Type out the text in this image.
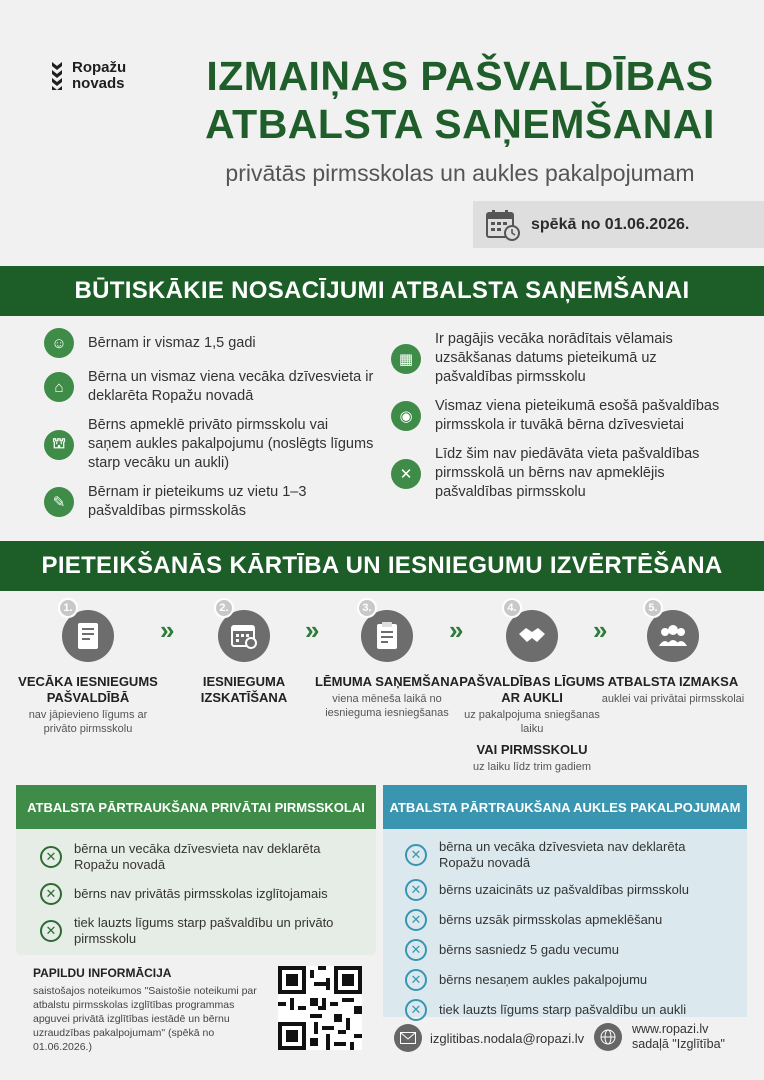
Ropažu
novads	IZMAIŅAS PAŠVALDĪBAS
ATBALSTA SAŅEMŠANAI
privātās pirmsskolas un aukles pakalpojumam
spēkā no 01.06.2026.
BŪTISKĀKIE NOSACĪJUMI ATBALSTA SAŅEMŠANAI
☺	Bērnam ir vismaz 1,5 gadi
⌂
Bērna un vismaz viena vecāka dzīvesvieta ir deklarēta Ropažu novadā
⛫
Bērns apmeklē privāto pirmsskolu vai saņem aukles pakalpojumu (noslēgts līgums starp vecāku un aukli)
✎
Bērnam ir pieteikums uz vietu 1–3 pašvaldības pirmsskolās
▦
Ir pagājis vecāka norādītais vēlamais uzsākšanas datums pieteikumā uz pašvaldības pirmsskolu
◉
Vismaz viena pieteikumā esošā pašvaldības pirmsskola ir tuvākā bērna dzīvesvietai
✕
Līdz šim nav piedāvāta vieta pašvaldības pirmsskolā un bērns nav apmeklējis pašvaldības pirmsskolu
PIETEIKŠANĀS KĀRTĪBA UN IESNIEGUMU IZVĒRTĒŠANA
1.
VECĀKA IESNIEGUMS PAŠVALDĪBĀ
nav jāpievieno līgums ar privāto pirmsskolu
»
2.
IESNIEGUMA IZSKATĪŠANA
»
3.
LĒMUMA SAŅEMŠANA
viena mēneša laikā no iesnieguma iesniegšanas
»
4.
PAŠVALDĪBAS LĪGUMS AR AUKLI
uz pakalpojuma sniegšanas laiku
VAI PIRMSSKOLU
uz laiku līdz trim gadiem
»
5.
ATBALSTA IZMAKSA
auklei vai privātai pirmsskolai
ATBALSTA PĀRTRAUKŠANA PRIVĀTAI PIRMSSKOLAI
✕
bērna un vecāka dzīvesvieta nav deklarēta Ropažu novadā
✕	bērns nav privātās pirmsskolas izglītojamais
✕
tiek lauzts līgums starp pašvaldību un privāto pirmsskolu
ATBALSTA PĀRTRAUKŠANA AUKLES PAKALPOJUMAM
✕
bērna un vecāka dzīvesvieta nav deklarēta Ropažu novadā
✕	bērns uzaicināts uz pašvaldības pirmsskolu
✕	bērns uzsāk pirmsskolas apmeklēšanu
✕	bērns sasniedz 5 gadu vecumu
✕	bērns nesaņem aukles pakalpojumu
✕	tiek lauzts līgums starp pašvaldību un aukli
PAPILDU INFORMĀCIJA
saistošajos noteikumos "Saistošie noteikumi par atbalstu pirmsskolas izglītības programmas apguvei privātā izglītības iestādē un bērnu uzraudzības pakalpojumam" (spēkā no 01.06.2026.)
izglitibas.nodala@ropazi.lv
www.ropazi.lv
sadaļā "Izglītība"
